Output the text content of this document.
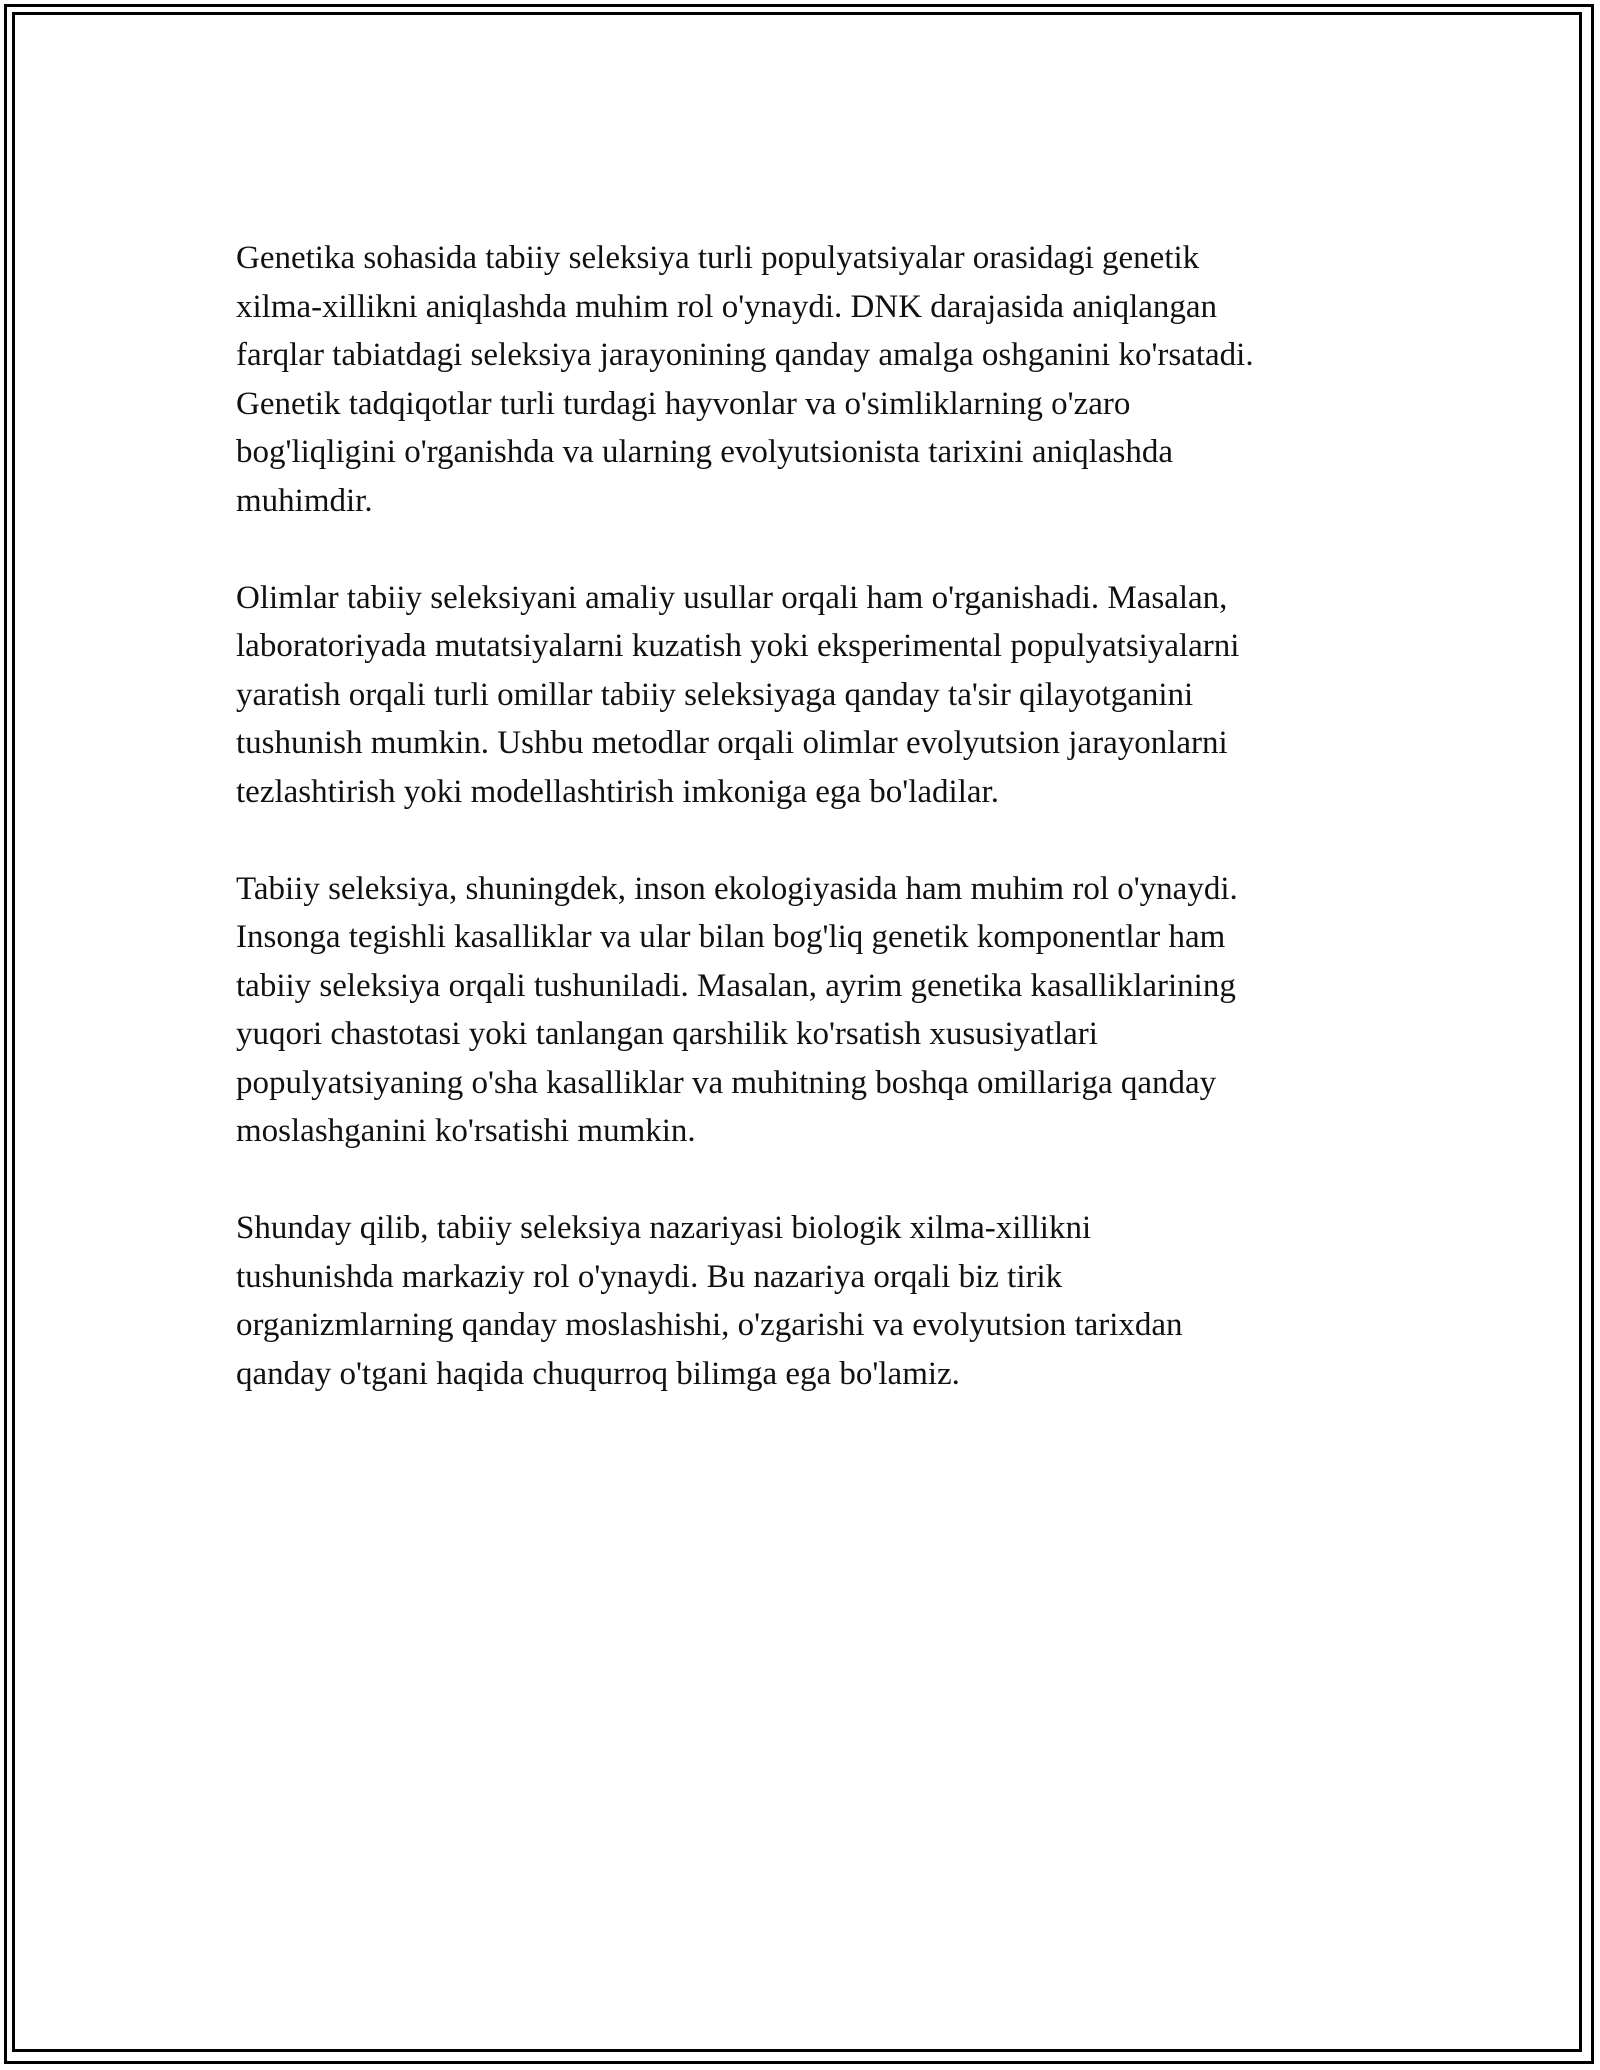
Genetika sohasida tabiiy seleksiya turli populyatsiyalar orasidagi genetik
xilma-xillikni aniqlashda muhim rol o'ynaydi. DNK darajasida aniqlangan
farqlar tabiatdagi seleksiya jarayonining qanday amalga oshganini ko'rsatadi.
Genetik tadqiqotlar turli turdagi hayvonlar va o'simliklarning o'zaro
bog'liqligini o'rganishda va ularning evolyutsionista tarixini aniqlashda
muhimdir.

Olimlar tabiiy seleksiyani amaliy usullar orqali ham o'rganishadi. Masalan,
laboratoriyada mutatsiyalarni kuzatish yoki eksperimental populyatsiyalarni
yaratish orqali turli omillar tabiiy seleksiyaga qanday ta'sir qilayotganini
tushunish mumkin. Ushbu metodlar orqali olimlar evolyutsion jarayonlarni
tezlashtirish yoki modellashtirish imkoniga ega bo'ladilar.

Tabiiy seleksiya, shuningdek, inson ekologiyasida ham muhim rol o'ynaydi.
Insonga tegishli kasalliklar va ular bilan bog'liq genetik komponentlar ham
tabiiy seleksiya orqali tushuniladi. Masalan, ayrim genetika kasalliklarining
yuqori chastotasi yoki tanlangan qarshilik ko'rsatish xususiyatlari
populyatsiyaning o'sha kasalliklar va muhitning boshqa omillariga qanday
moslashganini ko'rsatishi mumkin.

Shunday qilib, tabiiy seleksiya nazariyasi biologik xilma-xillikni
tushunishda markaziy rol o'ynaydi. Bu nazariya orqali biz tirik
organizmlarning qanday moslashishi, o'zgarishi va evolyutsion tarixdan
qanday o'tgani haqida chuqurroq bilimga ega bo'lamiz.
